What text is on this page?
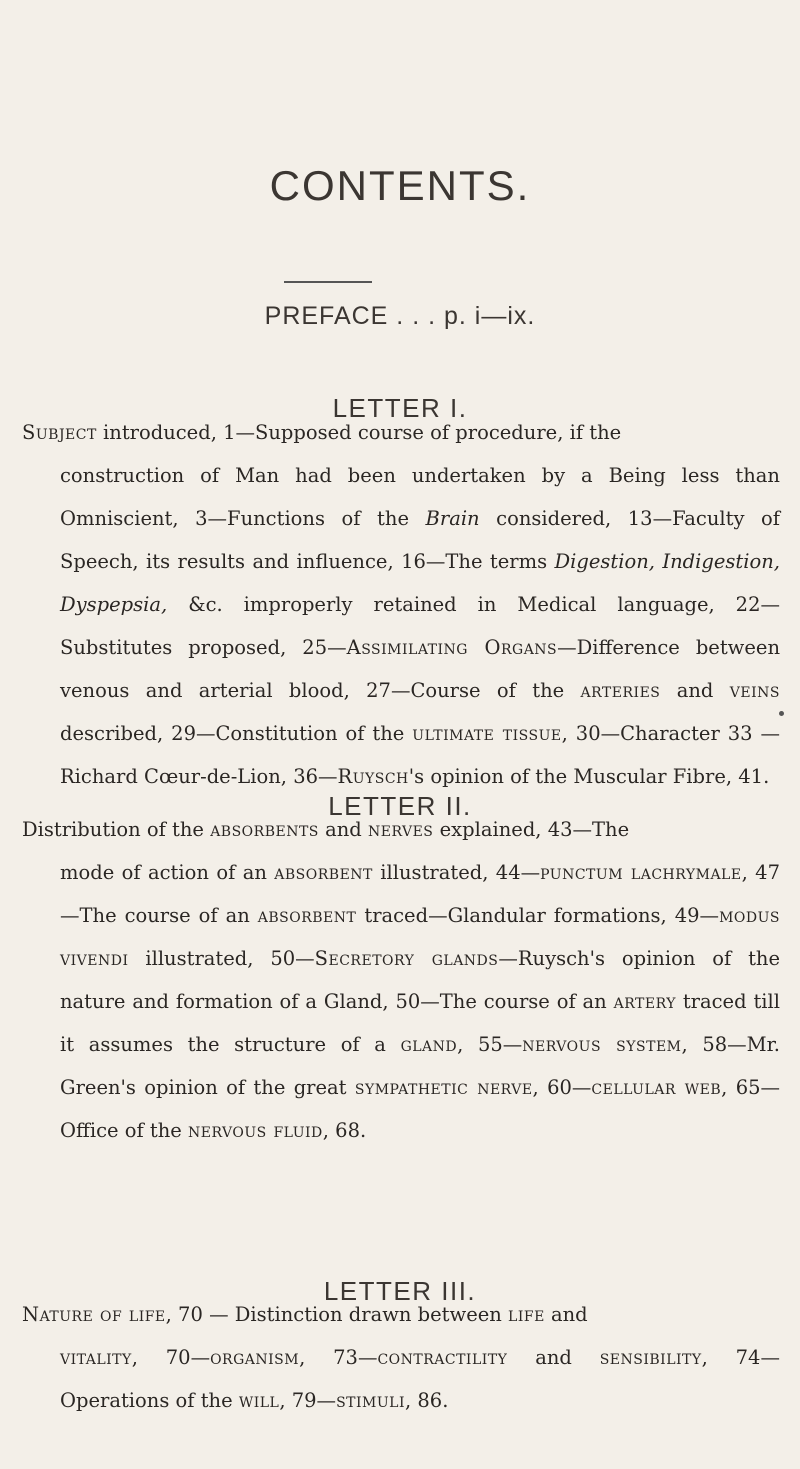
CONTENTS.
PREFACE . . . p. i—ix.
LETTER I.
Subject introduced, 1—Supposed course of procedure, if the
construction of Man had been undertaken by a Being less than Omniscient, 3—Functions of the Brain considered, 13—Faculty of Speech, its results and influence, 16—The terms Digestion, Indigestion, Dyspepsia, &c. improperly retained in Medical language, 22—Substitutes proposed, 25—Assimilating Organs—Difference between venous and arterial blood, 27—Course of the arteries and veins described, 29—Constitution of the ultimate tissue, 30—Character 33 — Richard Cœur-de-Lion, 36—Ruysch's opinion of the Muscular Fibre, 41.
LETTER II.
Distribution of the absorbents and nerves explained, 43—The
mode of action of an absorbent illustrated, 44—punctum lachrymale, 47—The course of an absorbent traced—Glandular formations, 49—modus vivendi illustrated, 50—Secretory glands—Ruysch's opinion of the nature and formation of a Gland, 50—The course of an artery traced till it assumes the structure of a gland, 55—nervous system, 58—Mr. Green's opinion of the great sympathetic nerve, 60—cellular web, 65—Office of the nervous fluid, 68.
LETTER III.
Nature of life, 70 — Distinction drawn between life and
vitality, 70—organism, 73—contractility and sensibility, 74—Operations of the will, 79—stimuli, 86.
